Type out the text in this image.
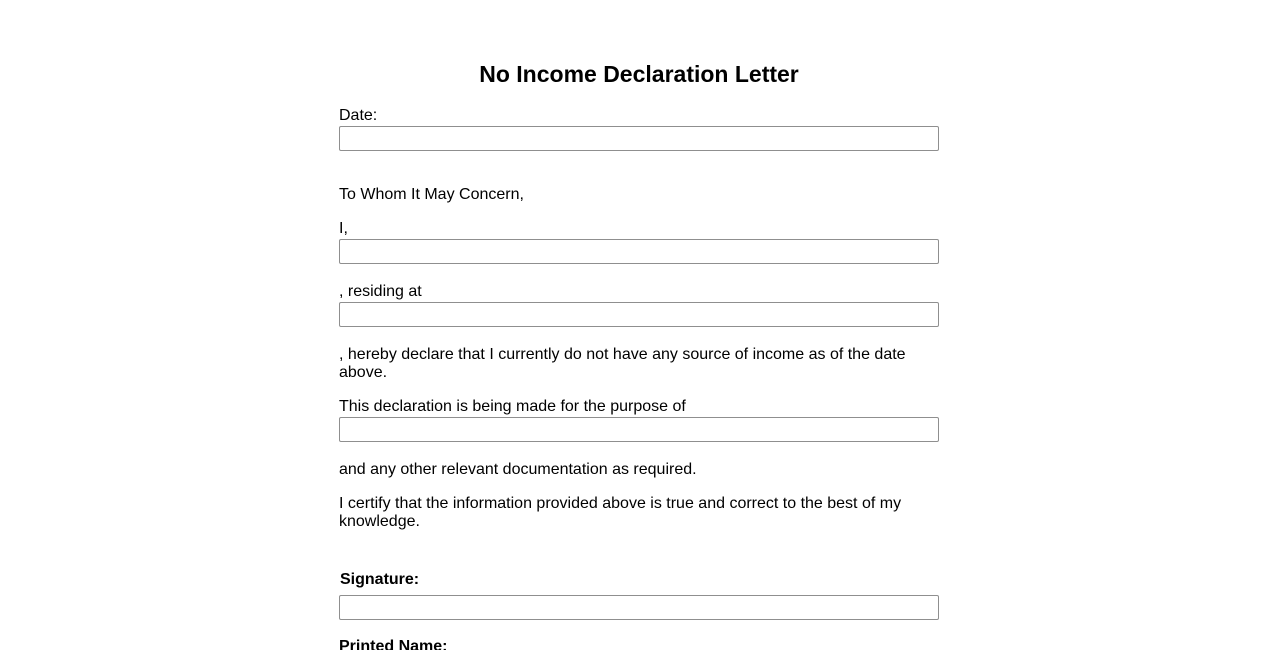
No Income Declaration Letter
Date:
To Whom It May Concern,
I,
, residing at
, hereby declare that I currently do not have any source of income as of the date above.
This declaration is being made for the purpose of
and any other relevant documentation as required.
I certify that the information provided above is true and correct to the best of my knowledge.
Signature:
Printed Name:
